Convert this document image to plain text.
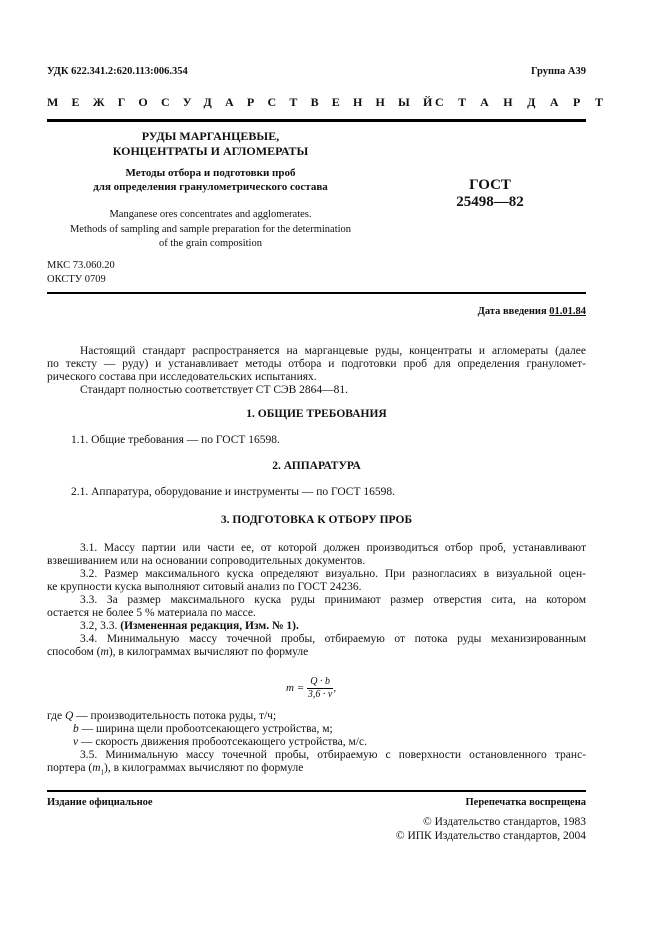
УДК 622.341.2:620.113:006.354	Группа А39
МЕЖГОСУДАРСТВЕННЫЙ
СТАНДАРТ
РУДЫ МАРГАНЦЕВЫЕ,
КОНЦЕНТРАТЫ И АГЛОМЕРАТЫ
Методы отбора и подготовки проб
для определения гранулометрического состава
Manganese ores concentrates and agglomerates.
Methods of sampling and sample preparation for the determination
of the grain composition
ГОСТ
25498—82
МКС 73.060.20
ОКСТУ 0709
Дата введения 01.01.84
Настоящий стандарт распространяется на марганцевые руды, концентраты и агломераты (далее
по тексту — руду) и устанавливает методы отбора и подготовки проб для определения грануломет-
рического состава при исследовательских испытаниях.
Стандарт полностью соответствует СТ СЭВ 2864—81.
1. ОБЩИЕ ТРЕБОВАНИЯ
1.1. Общие требования — по ГОСТ 16598.
2. АППАРАТУРА
2.1. Аппаратура, оборудование и инструменты — по ГОСТ 16598.
3. ПОДГОТОВКА К ОТБОРУ ПРОБ
3.1. Массу партии или части ее, от которой должен производиться отбор проб, устанавливают
взвешиванием или на основании сопроводительных документов.
3.2. Размер максимального куска определяют визуально. При разногласиях в визуальной оцен-
ке крупности куска выполняют ситовый анализ по ГОСТ 24236.
3.3. За размер максимального куска руды принимают размер отверстия сита, на котором
остается не более 5 % материала по массе.
3.2, 3.3. (Измененная редакция, Изм. № 1).
3.4. Минимальную массу точечной пробы, отбираемую от потока руды механизированным
способом (m), в килограммах вычисляют по формуле
$m = \frac{Q \cdot b}{3,6 \cdot v}$ ,
где Q — производительность потока руды, т/ч;
b — ширина щели пробоотсекающего устройства, м;
v — скорость движения пробоотсекающего устройства, м/с.
3.5. Минимальную массу точечной пробы, отбираемую с поверхности остановленного транс-
портера $(m_1)$, в килограммах вычисляют по формуле
Издание официальное	Перепечатка воспрещена
© Издательство стандартов, 1983
© ИПК Издательство стандартов, 2004
